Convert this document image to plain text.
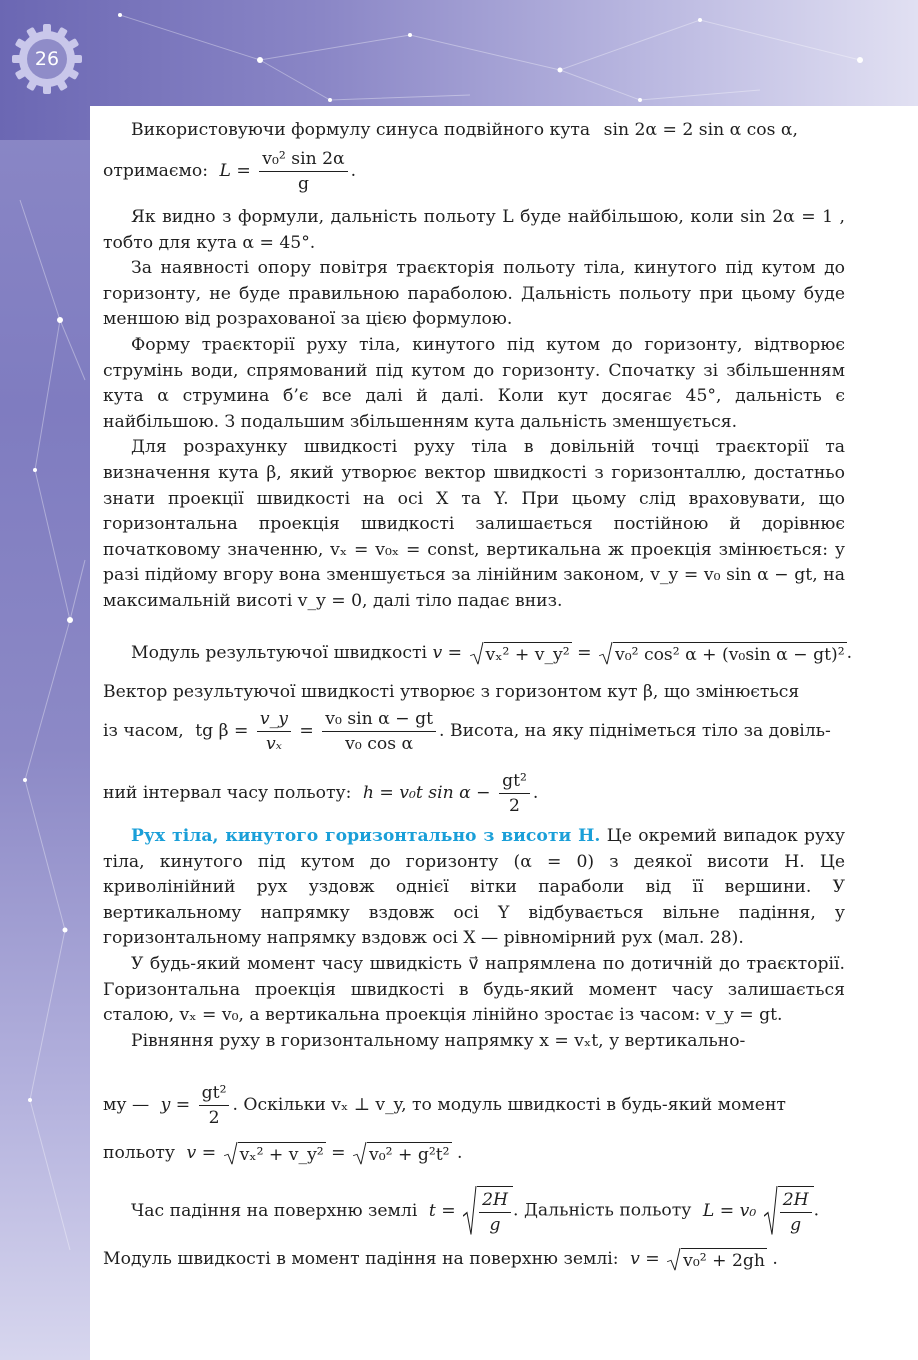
26
Використовуючи формулу синуса подвійного кута sin 2α = 2 sin α cos α,
отримаємо: $L = \frac{\text{v₀² sin 2α}}{g}$ .

Як видно з формули, дальність польоту L буде найбільшою, коли sin 2α = 1 , тобто для кута α = 45°.

За наявності опору повітря траєкторія польоту тіла, кинутого під кутом до горизонту, не буде правильною параболою. Дальність польоту при цьому буде меншою від розрахованої за цією формулою.

Форму траєкторії руху тіла, кинутого під кутом до горизонту, відтворює струмінь води, спрямований під кутом до горизонту. Спочатку зі збільшенням кута α струмина б’є все далі й далі. Коли кут досягає 45°, дальність є найбільшою. З подальшим збільшенням кута дальність зменшується.

Для розрахунку швидкості руху тіла в довільній точці траєкторії та визначення кута β, який утворює вектор швидкості з горизонталлю, достатньо знати проекції швидкості на осі X та Y. При цьому слід враховувати, що горизонтальна проекція швидкості залишається постійною й дорівнює початковому значенню, vₓ = v₀ₓ = const, вертикальна ж проекція змінюється: у разі підйому вгору вона зменшується за лінійним законом, v_y = v₀ sin α − gt, на максимальній висоті v_y = 0, далі тіло падає вниз.

Модуль результуючої швидкості v = vₓ² + v_y² = v₀² cos² α + (v₀sin α − gt)² .
Вектор результуючої швидкості утворює з горизонтом кут β, що змінюється
із часом, tg $\beta = \frac{v\_y}{\text{vₓ}} = \frac{\text{v₀ sin α − gt}}{\text{v₀ cos α}}$ . Висота, на яку підніметься тіло за довіль-
ний інтервал часу польоту: h = v₀t $\sin \alpha - \frac{\text{gt²}}{2}$ .

Рух тіла, кинутого горизонтально з висоти H. Це окремий випадок руху тіла, кинутого під кутом до горизонту (α = 0) з деякої висоти H. Це криволінійний рух уздовж однієї вітки параболи від її вершини. У вертикальному напрямку вздовж осі Y відбувається вільне падіння, у горизонтальному напрямку вздовж осі X — рівномірний рух (мал. 28).

У будь-який момент часу швидкість v⃗ напрямлена по дотичній до траєкторії. Горизонтальна проекція швидкості в будь-який момент часу залишається сталою, vₓ = v₀, а вертикальна проекція лінійно зростає із часом: v_y = gt.

Рівняння руху в горизонтальному напрямку x = vₓt, у вертикально-

му — $y = \frac{\text{gt²}}{2}$ . Оскільки vₓ ⊥ v_y, то модуль швидкості в будь-який момент
польоту v = vₓ² + v_y² = v₀² + g²t² .
Час падіння на поверхню землі $t = \frac{2H}{g}$ . Дальність польоту $L = v_0 \frac{2H}{g}$ .
Модуль швидкості в момент падіння на поверхню землі: v = v₀² + 2gh .
